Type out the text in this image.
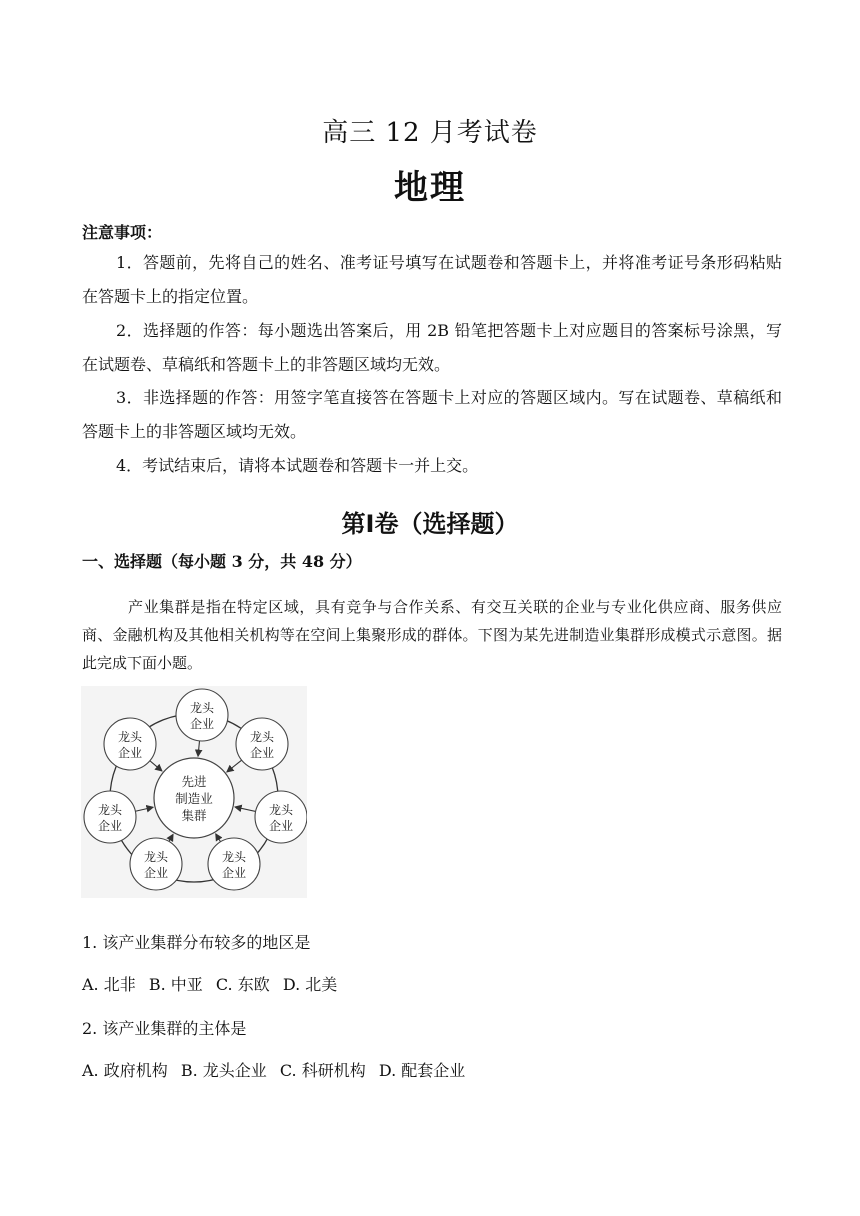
高三 12 月考试卷
地理
注意事项：
1．答题前，先将自己的姓名、准考证号填写在试题卷和答题卡上，并将准考证号条形码粘贴在答题卡上的指定位置。
2．选择题的作答：每小题选出答案后，用 2B 铅笔把答题卡上对应题目的答案标号涂黑，写在试题卷、草稿纸和答题卡上的非答题区域均无效。
3．非选择题的作答：用签字笔直接答在答题卡上对应的答题区域内。写在试题卷、草稿纸和答题卡上的非答题区域均无效。
4．考试结束后，请将本试题卷和答题卡一并上交。
第Ⅰ卷（选择题）
一、选择题（每小题 3 分，共 48 分）
产业集群是指在特定区域，具有竞争与合作关系、有交互关联的企业与专业化供应商、服务供应商、金融机构及其他相关机构等在空间上集聚形成的群体。下图为某先进制造业集群形成模式示意图。据此完成下面小题。
龙头
企业
龙头
企业
龙头
企业
龙头
企业
龙头
企业
龙头
企业
龙头
企业
先进
制造业
集群
1. 该产业集群分布较多的地区是
A. 北非 B. 中亚 C. 东欧 D. 北美
2. 该产业集群的主体是
A. 政府机构 B. 龙头企业 C. 科研机构 D. 配套企业
